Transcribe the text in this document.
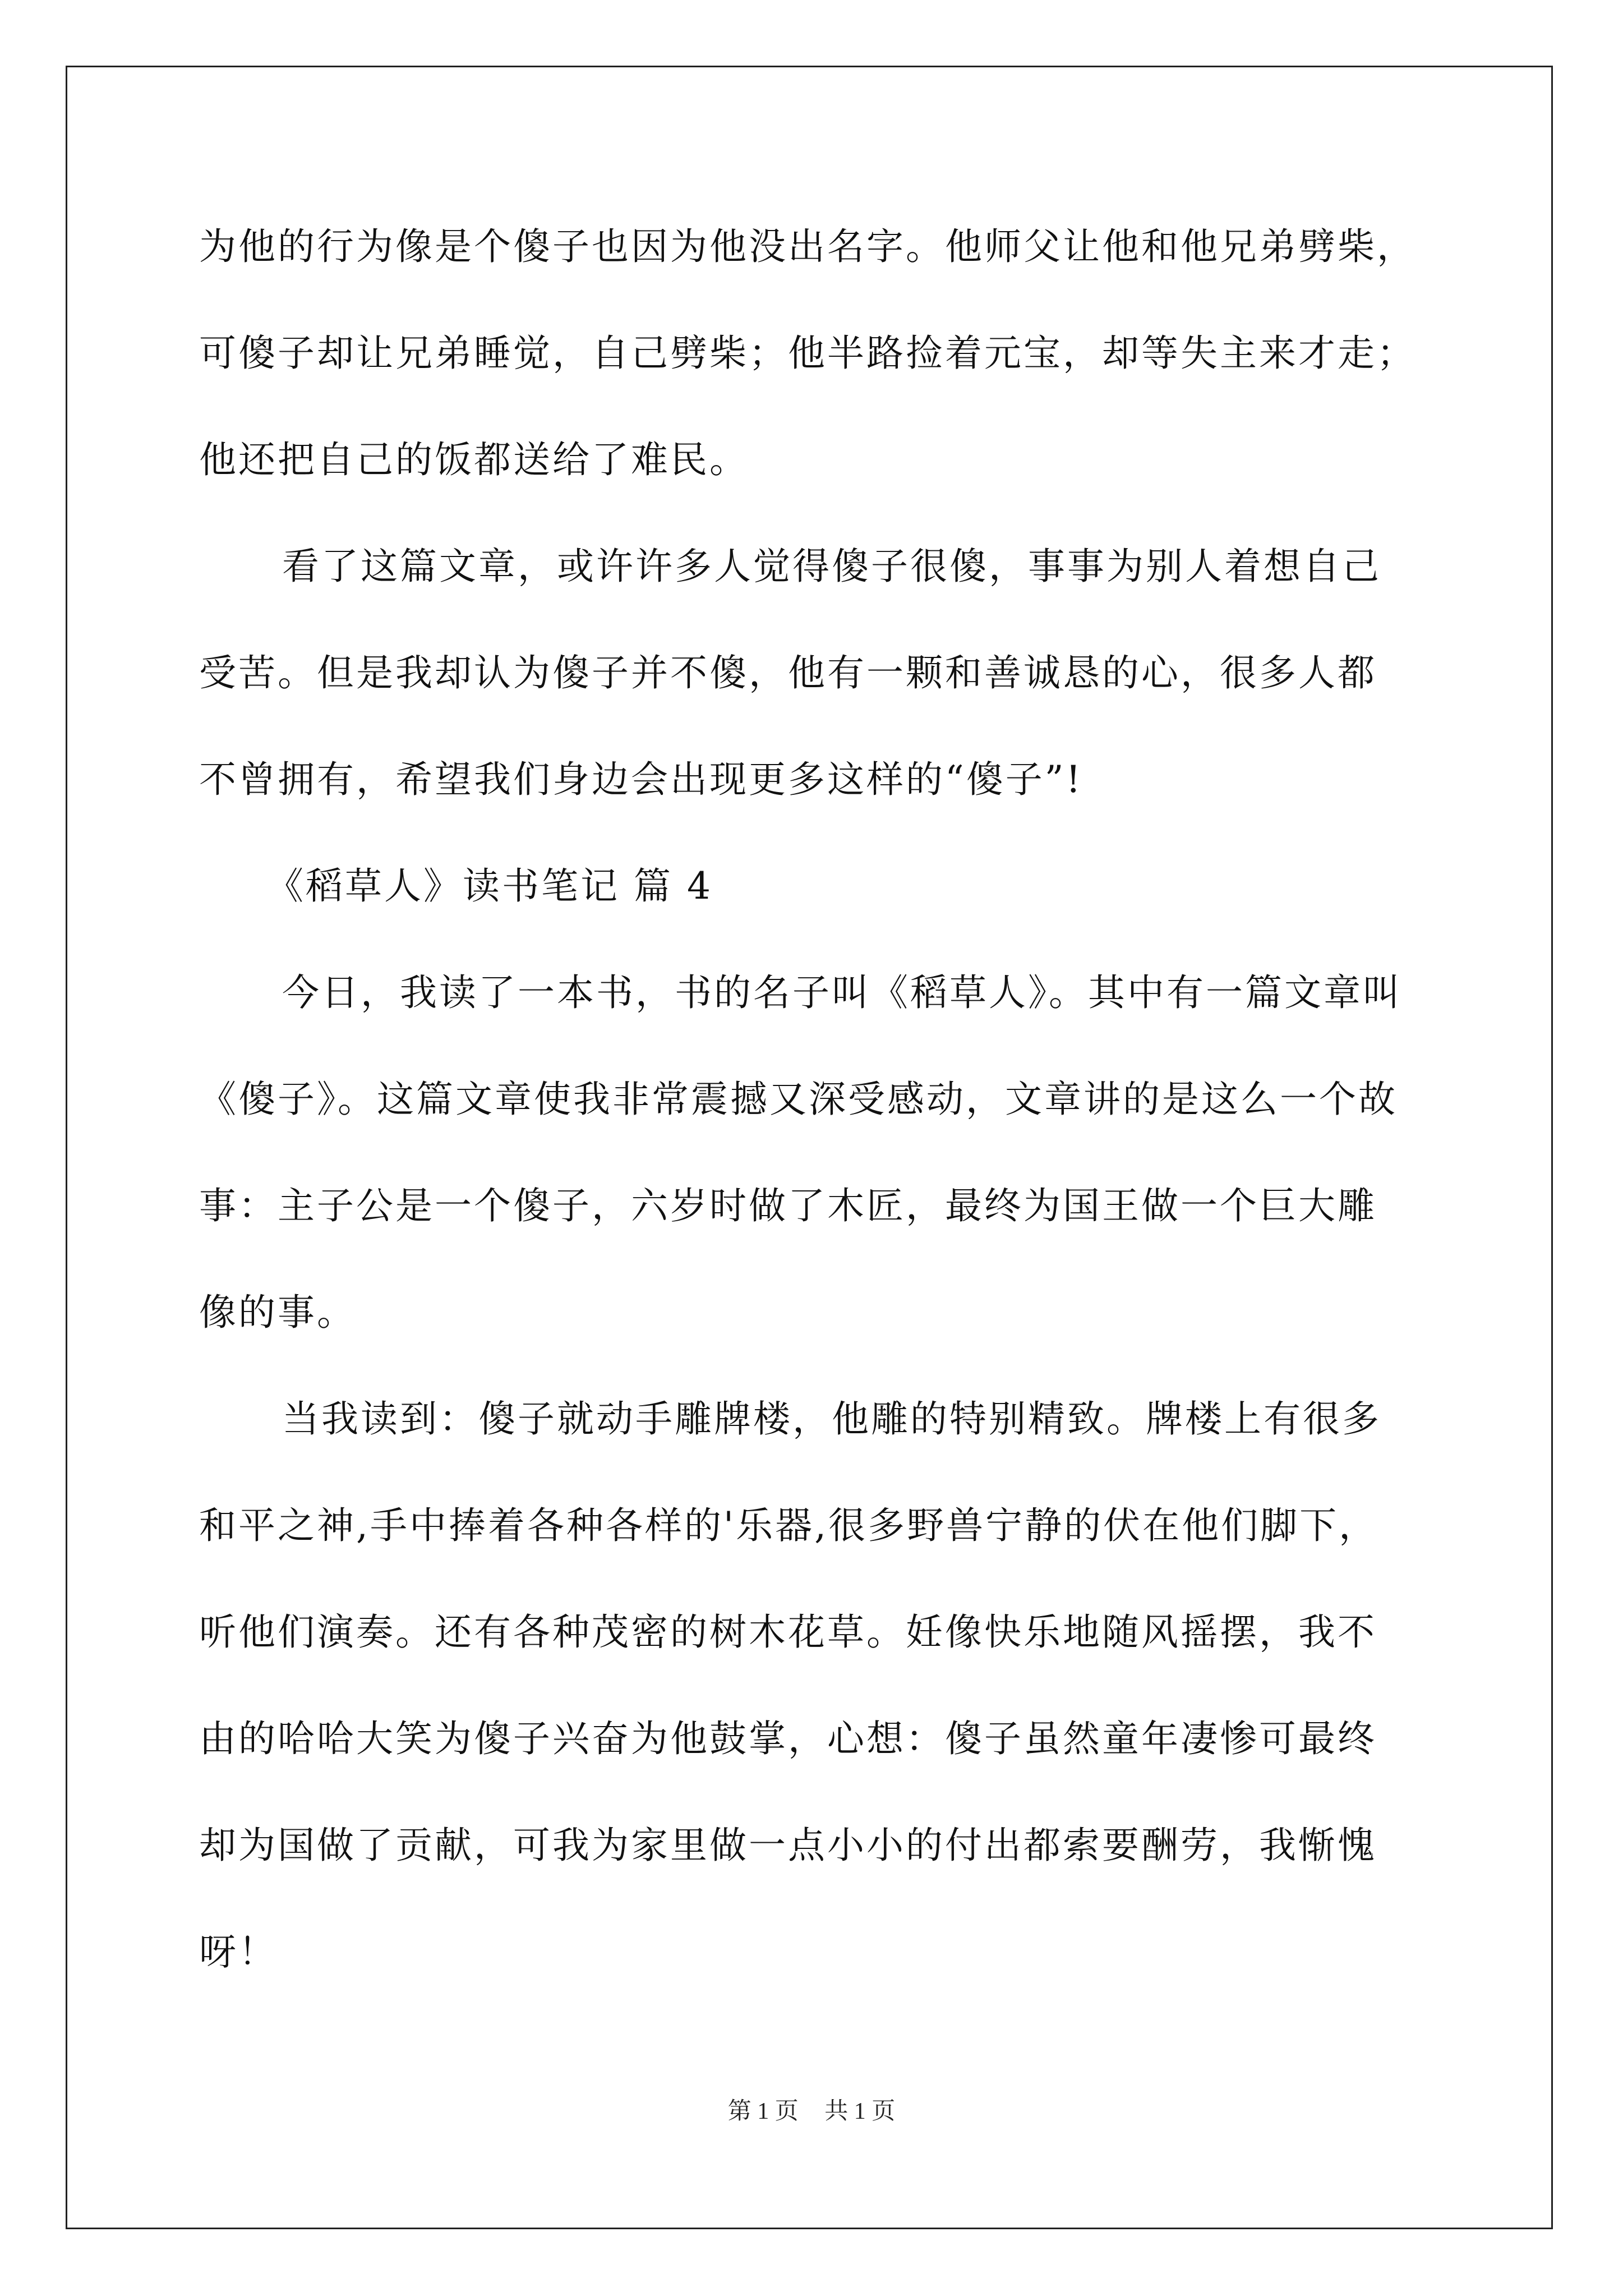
为他的行为像是个傻子也因为他没出名字。他师父让他和他兄弟劈柴，
可傻子却让兄弟睡觉，自己劈柴；他半路捡着元宝，却等失主来才走；
他还把自己的饭都送给了难民。
看了这篇文章，或许许多人觉得傻子很傻，事事为别人着想自己
受苦。但是我却认为傻子并不傻，他有一颗和善诚恳的心，很多人都
不曾拥有，希望我们身边会出现更多这样的“傻子”!
《稻草人》读书笔记 篇 4
今日，我读了一本书，书的名子叫《稻草人》。其中有一篇文章叫
《傻子》。这篇文章使我非常震撼又深受感动，文章讲的是这么一个故
事：主子公是一个傻子，六岁时做了木匠，最终为国王做一个巨大雕
像的事。
当我读到：傻子就动手雕牌楼，他雕的特别精致。牌楼上有很多
和平之神,手中捧着各种各样的'乐器,很多野兽宁静的伏在他们脚下，
听他们演奏。还有各种茂密的树木花草。妊像快乐地随风摇摆，我不
由的哈哈大笑为傻子兴奋为他鼓掌，心想：傻子虽然童年凄惨可最终
却为国做了贡献，可我为家里做一点小小的付出都索要酬劳，我惭愧
呀！
第 1 页 共 1 页
